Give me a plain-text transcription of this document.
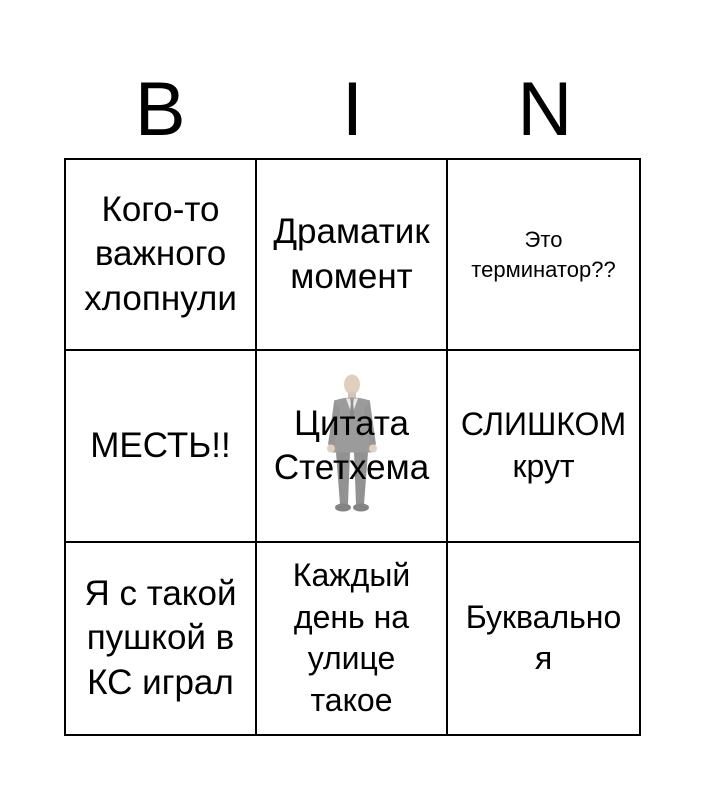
B	I	N
Кого-то важного хлопнули
Драматик момент
Это терминатор??
МЕСТЬ!!
Цитата Стетхема
СЛИШКОМ крут
Я с такой пушкой в КС играл
Каждый день на улице такое
Буквально я
